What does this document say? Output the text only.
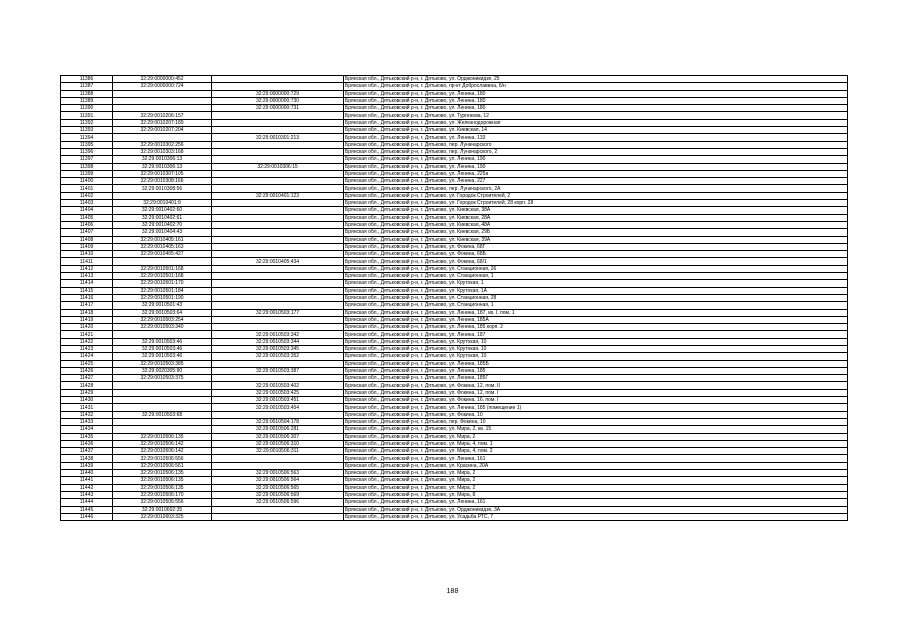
11386	32:29:0000000:452		Брянская обл., Дятьковский р-н, г. Дятьково, ул. Орджоникидзе, 25
11387	32:29:0000000:724		Брянская обл., Дятьковский р-н, г. Дятьково, пр-кт Доброславина, б/н
11388		32:29:0000000:729	Брянская обл., Дятьковский р-н, г. Дятьково, ул. Ленина, 180
11389		32:29:0000000:730	Брянская обл., Дятьковский р-н, г. Дятьково, ул. Ленина, 180
11390		32:29:0000000:731	Брянская обл., Дятьковский р-н, г. Дятьково, ул. Ленина, 180
11391	32:29:0010206:157		Брянская обл., Дятьковский р-н, г. Дятьково, ул. Тургенева, 12
11392	32:29:0010207:189		Брянская обл., Дятьковский р-н, г. Дятьково, ул. Железнодорожная
11393	32:29:0010207:204		Брянская обл., Дятьковский р-н, г. Дятьково, ул. Киевская, 14
11394		32:29:0010301:213	Брянская обл., Дятьковский р-н, г. Дятьково, ул. Ленина, 133
11395	32:29:0010302:256		Брянская обл., Дятьковский р-н, г. Дятьково, пер. Луначарского
11396	32:29:0010303:168		Брянская обл., Дятьковский р-н, г. Дятьково, пер. Луначарского, 2
11397	32:29:0010306:13		Брянская обл., Дятьковский р-н, г. Дятьково, ул. Ленина, 190
11398	32:29:0010306:13	32:29:0010306:15	Брянская обл., Дятьковский р-н, г. Дятьково, ул. Ленина, 190
11399	32:29:0010307:105		Брянская обл., Дятьковский р-н, г. Дятьково, ул. Ленина, 225а
11400	32:29:0010308:166		Брянская обл., Дятьковский р-н, г. Дятьково, ул. Ленина, 227
11401	32:29:0010308:56		Брянская обл., Дятьковский р-н, г. Дятьково, пер. Луначарского, 2А
11402		32:29:0010401:123	Брянская обл., Дятьковский р-н, г. Дятьково, ул. Городок Строителей, 2
11403	32:29:0010401:9		Брянская обл., Дятьковский р-н, г. Дятьково, ул. Городок Строителей, 28 корп. 28
11404	32:29:0010402:60		Брянская обл., Дятьковский р-н, г. Дятьково, ул. Киевская, 38А
11405	32:29:0010402:61		Брянская обл., Дятьковский р-н, г. Дятьково, ул. Киевская, 28А
11406	32:29:0010402:70		Брянская обл., Дятьковский р-н, г. Дятьково, ул. Киевская, 48А
11407	32:29:0010404:43		Брянская обл., Дятьковский р-н, г. Дятьково, ул. Киевская, 29Б
11408	32:29:0010405:161		Брянская обл., Дятьковский р-н, г. Дятьково, ул. Киевская, 39А
11409	32:29:0010405:163		Брянская обл., Дятьковский р-н, г. Дятьково, ул. Фокина, 68Г
11410	32:29:0010405:427		Брянская обл., Дятьковский р-н, г. Дятьково, ул. Фокина, 68Б
11411		32:29:0010405:434	Брянская обл., Дятьковский р-н, г. Дятьково, ул. Фокина, 68/1
11412	32:29:0010501:168		Брянская обл., Дятьковский р-н, г. Дятьково, ул. Станционная, 26
11413	32:29:0010501:168		Брянская обл., Дятьковский р-н, г. Дятьково, ул. Станционная, 1
11414	32:29:0010501:170		Брянская обл., Дятьковский р-н, г. Дятьково, ул. Крутокая, 1
11415	32:29:0010501:184		Брянская обл., Дятьковский р-н, г. Дятьково, ул. Крутокая, 1А
11416	32:29:0010501:190		Брянская обл., Дятьковский р-н, г. Дятьково, ул. Станционная, 28
11417	32:29:0010501:43		Брянская обл., Дятьковский р-н, г. Дятьково, ул. Станционная, 1
11418	32:29:0010503:64	32:29:0010503:177	Брянская обл., Дятьковский р-н, г. Дятьково, ул. Ленина, 187, кв. I, пом. 1
11419	32:29:0010503:254		Брянская обл., Дятьковский р-н, г. Дятьково, ул. Ленина, 185А
11420	32:29:0010503:340		Брянская обл., Дятьковский р-н, г. Дятьково, ул. Ленина, 185 корп. 2
11421		32:29:0010503:342	Брянская обл., Дятьковский р-н, г. Дятьково, ул. Ленина, 187
11422	32:29:0010503:46	32:29:0010503:344	Брянская обл., Дятьковский р-н, г. Дятьково, ул. Крутокая, 10
11423	32:29:0010503:46	32:29:0010503:345	Брянская обл., Дятьковский р-н, г. Дятьково, ул. Крутокая, 10
11424	32:29:0010503:46	32:29:0010503:352	Брянская обл., Дятьковский р-н, г. Дятьково, ул. Крутокая, 10
11425	32:29:0010503:385		Брянская обл., Дятьковский р-н, г. Дятьково, ул. Ленина, 185Б
11426	32:29:0020305:90	32:29:0010503:387	Брянская обл., Дятьковский р-н, г. Дятьково, ул. Ленина, 185
11427	32:29:0010503:375		Брянская обл., Дятьковский р-н, г. Дятьково, ул. Ленина, 185Г
11428		32:29:0010503:402	Брянская обл., Дятьковский р-н, г. Дятьково, ул. Фокина, 12, пом. II
11429		32:29:0010503:425	Брянская обл., Дятьковский р-н, г. Дятьково, ул. Фокина, 12, пом. I
11430		32:29:0010503:451	Брянская обл., Дятьковский р-н, г. Дятьково, ул. Фокина, 16, пом. I
11431		32:29:0010503:454	Брянская обл., Дятьковский р-н, г. Дятьково, ул. Ленина, 185 (помещение 1)
11432	32:29:0010503:68		Брянская обл., Дятьковский р-н, г. Дятьково, ул. Фокина, 10
11433		32:29:0010504:178	Брянская обл., Дятьковский р-н, г. Дятьково, пер. Фокина, 10
11434		32:29:0010506:281	Брянская обл., Дятьковский р-н, г. Дятьково, ул. Мира, 2, кв. 15
11435	32:29:0010506:135	32:29:0010506:307	Брянская обл., Дятьковский р-н, г. Дятьково, ул. Мира, 2
11436	32:29:0010506:142	32:29:0010506:310	Брянская обл., Дятьковский р-н, г. Дятьково, ул. Мира, 4, пом. 1
11437	32:29:0010506:142	32:29:0010506:311	Брянская обл., Дятьковский р-н, г. Дятьково, ул. Мира, 4, пом. 2
11438	32:29:0010506:556		Брянская обл., Дятьковский р-н, г. Дятьково, ул. Ленина, 161
11439	32:29:0010506:561		Брянская обл., Дятьковский р-н, г. Дятьково, ул. Красина, 20А
11440	32:29:0010506:135	32:29:0010506:563	Брянская обл., Дятьковский р-н, г. Дятьково, ул. Мира, 2
11441	32:29:0010506:135	32:29:0010506:564	Брянская обл., Дятьковский р-н, г. Дятьково, ул. Мира, 2
11442	32:29:0010506:135	32:29:0010506:565	Брянская обл., Дятьковский р-н, г. Дятьково, ул. Мира, 2
11443	32:29:0010506:170	32:29:0010506:569	Брянская обл., Дятьковский р-н, г. Дятьково, ул. Мира, 8
11444	32:29:0010506:556	32:29:0010506:596	Брянская обл., Дятьковский р-н, г. Дятьково, ул. Ленина, 161
11445	32:29:0010602:35		Брянская обл., Дятьковский р-н, г. Дятьково, ул. Орджоникидзе, 3А
11446	32:29:0010603:325		Брянская обл., Дятьковский р-н, г. Дятьково, ул. Усадьба РТС, 7
188
